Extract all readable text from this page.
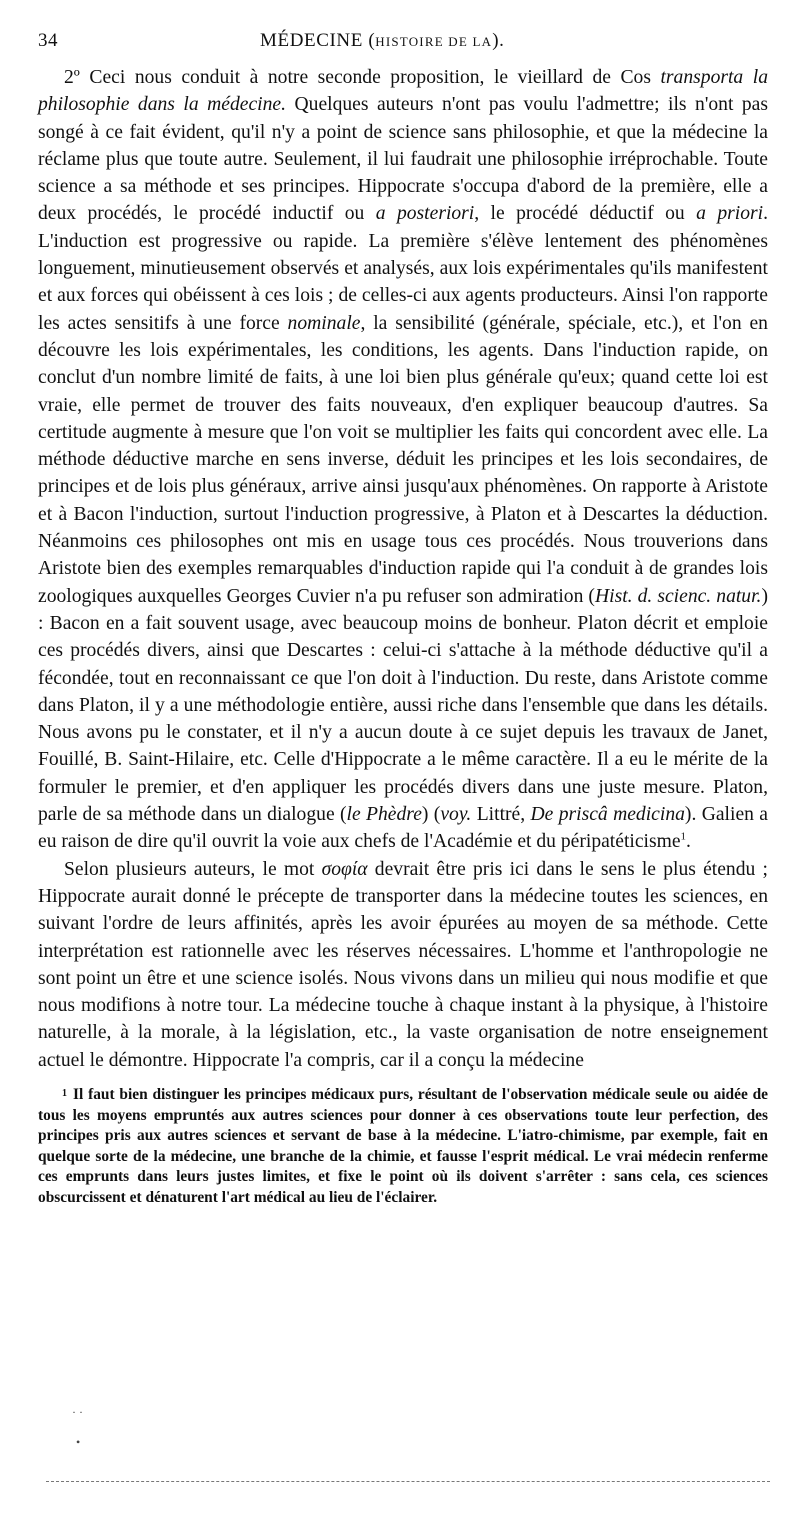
34	MÉDECINE (HISTOIRE DE LA).

2º Ceci nous conduit à notre seconde proposition, le vieillard de Cos transporta la philosophie dans la médecine. Quelques auteurs n'ont pas voulu l'admettre; ils n'ont pas songé à ce fait évident, qu'il n'y a point de science sans philosophie, et que la médecine la réclame plus que toute autre. Seulement, il lui faudrait une philosophie irréprochable. Toute science a sa méthode et ses principes. Hippocrate s'occupa d'abord de la première, elle a deux procédés, le procédé inductif ou a posteriori, le procédé déductif ou a priori. L'induction est progressive ou rapide. La première s'élève lentement des phénomènes longuement, minutieusement observés et analysés, aux lois expérimentales qu'ils manifestent et aux forces qui obéissent à ces lois ; de celles-ci aux agents producteurs. Ainsi l'on rapporte les actes sensitifs à une force nominale, la sensibilité (générale, spéciale, etc.), et l'on en découvre les lois expérimentales, les conditions, les agents. Dans l'induction rapide, on conclut d'un nombre limité de faits, à une loi bien plus générale qu'eux; quand cette loi est vraie, elle permet de trouver des faits nouveaux, d'en expliquer beaucoup d'autres. Sa certitude augmente à mesure que l'on voit se multiplier les faits qui concordent avec elle. La méthode déductive marche en sens inverse, déduit les principes et les lois secondaires, de principes et de lois plus généraux, arrive ainsi jusqu'aux phénomènes. On rapporte à Aristote et à Bacon l'induction, surtout l'induction progressive, à Platon et à Descartes la déduction. Néanmoins ces philosophes ont mis en usage tous ces procédés. Nous trouverions dans Aristote bien des exemples remarquables d'induction rapide qui l'a conduit à de grandes lois zoologiques auxquelles Georges Cuvier n'a pu refuser son admiration (Hist. d. scienc. natur.) : Bacon en a fait souvent usage, avec beaucoup moins de bonheur. Platon décrit et emploie ces procédés divers, ainsi que Descartes : celui-ci s'attache à la méthode déductive qu'il a fécondée, tout en reconnaissant ce que l'on doit à l'induction. Du reste, dans Aristote comme dans Platon, il y a une méthodologie entière, aussi riche dans l'ensemble que dans les détails. Nous avons pu le constater, et il n'y a aucun doute à ce sujet depuis les travaux de Janet, Fouillé, B. Saint-Hilaire, etc. Celle d'Hippocrate a le même caractère. Il a eu le mérite de la formuler le premier, et d'en appliquer les procédés divers dans une juste mesure. Platon, parle de sa méthode dans un dialogue (le Phèdre) (voy. Littré, De priscâ medicina). Galien a eu raison de dire qu'il ouvrit la voie aux chefs de l'Académie et du péripatéticisme$^1$.

Selon plusieurs auteurs, le mot σοφία devrait être pris ici dans le sens le plus étendu ; Hippocrate aurait donné le précepte de transporter dans la médecine toutes les sciences, en suivant l'ordre de leurs affinités, après les avoir épurées au moyen de sa méthode. Cette interprétation est rationnelle avec les réserves nécessaires. L'homme et l'anthropologie ne sont point un être et une science isolés. Nous vivons dans un milieu qui nous modifie et que nous modifions à notre tour. La médecine touche à chaque instant à la physique, à l'histoire naturelle, à la morale, à la législation, etc., la vaste organisation de notre enseignement actuel le démontre. Hippocrate l'a compris, car il a conçu la médecine

1 Il faut bien distinguer les principes médicaux purs, résultant de l'observation médicale seule ou aidée de tous les moyens empruntés aux autres sciences pour donner à ces observations toute leur perfection, des principes pris aux autres sciences et servant de base à la médecine. L'iatro-chimisme, par exemple, fait en quelque sorte de la médecine, une branche de la chimie, et fausse l'esprit médical. Le vrai médecin renferme ces emprunts dans leurs justes limites, et fixe le point où ils doivent s'arrêter : sans cela, ces sciences obscurcissent et dénaturent l'art médical au lieu de l'éclairer.

· ·
•
